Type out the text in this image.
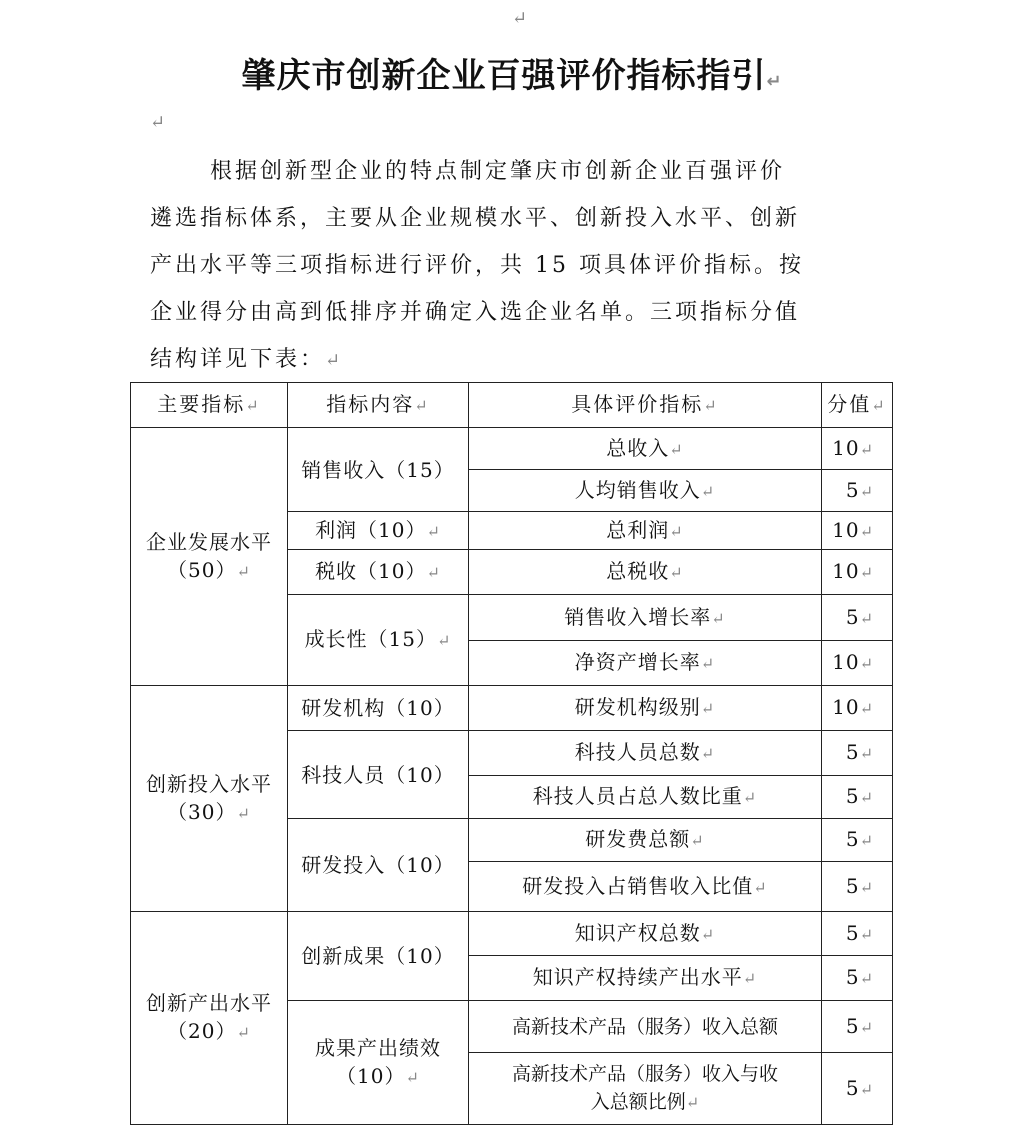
↵
肇庆市创新企业百强评价指标指引↵
↵
根据创新型企业的特点制定肇庆市创新企业百强评价
遴选指标体系，主要从企业规模水平、创新投入水平、创新
产出水平等三项指标进行评价，共 15 项具体评价指标。按
企业得分由高到低排序并确定入选企业名单。三项指标分值
结构详见下表：↵
主要指标↵	指标内容↵	具体评价指标↵	分值↵
企业发展水平
（50）↵	销售收入（15）	总收入↵	10↵
		人均销售收入↵	5↵
	利润（10）↵	总利润↵	10↵
	税收（10）↵	总税收↵	10↵
	成长性（15）↵	销售收入增长率↵	5↵
		净资产增长率↵	10↵
创新投入水平
（30）↵	研发机构（10）	研发机构级别↵	10↵
	科技人员（10）	科技人员总数↵	5↵
		科技人员占总人数比重↵	5↵
	研发投入（10）	研发费总额↵	5↵
		研发投入占销售收入比值↵	5↵
创新产出水平
（20）↵	创新成果（10）	知识产权总数↵	5↵
		知识产权持续产出水平↵	5↵
	成果产出绩效
（10）↵	高新技术产品（服务）收入总额	5↵
		高新技术产品（服务）收入与收
入总额比例↵	5↵
